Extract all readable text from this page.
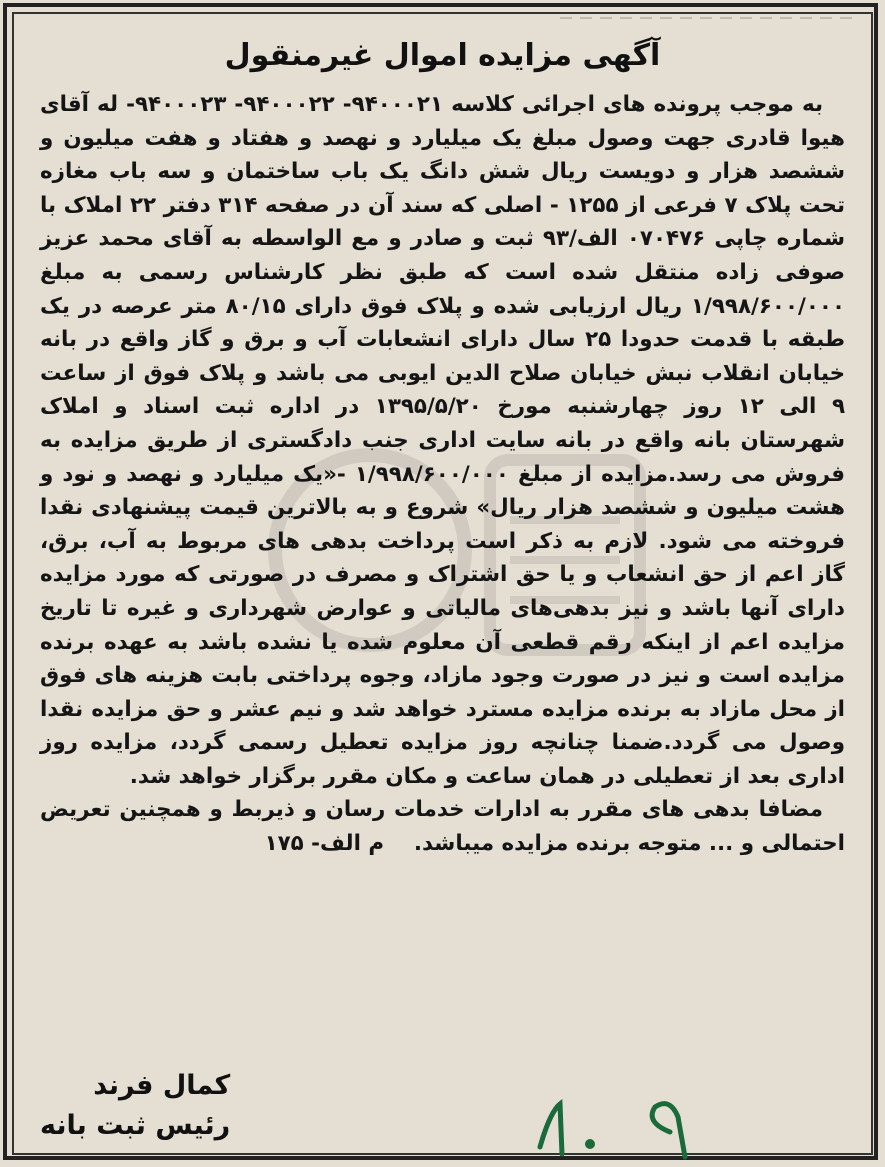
آگهی مزایده اموال غیرمنقول

به موجب پرونده های اجرائی کلاسه ۹۴۰۰۰۲۱- ۹۴۰۰۰۲۲- ۹۴۰۰۰۲۳- له آقای هیوا قادری جهت وصول مبلغ یک میلیارد و نهصد و هفتاد و هفت میلیون و ششصد هزار و دویست ریال شش دانگ یک باب ساختمان و سه باب مغازه تحت پلاک ۷ فرعی از ۱۲۵۵ - اصلی که سند آن در صفحه ۳۱۴ دفتر ۲۲ املاک با شماره چاپی ۰۷۰۴۷۶ الف/۹۳ ثبت و صادر و مع الواسطه به آقای محمد عزیز صوفی زاده منتقل شده است که طبق نظر کارشناس رسمی به مبلغ ۱/۹۹۸/۶۰۰/۰۰۰ ریال ارزیابی شده و پلاک فوق دارای ۸۰/۱۵ متر عرصه در یک طبقه با قدمت حدودا ۲۵ سال دارای انشعابات آب و برق و گاز واقع در بانه خیابان انقلاب نبش خیابان صلاح الدین ایوبی می باشد و پلاک فوق از ساعت ۹ الی ۱۲ روز چهارشنبه مورخ ۱۳۹۵/۵/۲۰ در اداره ثبت اسناد و املاک شهرستان بانه واقع در بانه سایت اداری جنب دادگستری از طریق مزایده به فروش می رسد.مزایده از مبلغ ۱/۹۹۸/۶۰۰/۰۰۰ -«یک میلیارد و نهصد و نود و هشت میلیون و ششصد هزار ریال» شروع و به بالاترین قیمت پیشنهادی نقدا فروخته می شود. لازم به ذکر است پرداخت بدهی های مربوط به آب، برق، گاز اعم از حق انشعاب و یا حق اشتراک و مصرف در صورتی که مورد مزایده دارای آنها باشد و نیز بدهی‌های مالیاتی و عوارض شهرداری و غیره تا تاریخ مزایده اعم از اینکه رقم قطعی آن معلوم شده یا نشده باشد به عهده برنده مزایده است و نیز در صورت وجود مازاد، وجوه پرداختی بابت هزینه های فوق از محل مازاد به برنده مزایده مسترد خواهد شد و نیم عشر و حق مزایده نقدا وصول می گردد.ضمنا چنانچه روز مزایده تعطیل رسمی گردد، مزایده روز اداری بعد از تعطیلی در همان ساعت و مکان مقرر برگزار خواهد شد.

مضافا بدهی های مقرر به ادارات خدمات رسان و ذیربط و همچنین تعریض احتمالی و ... متوجه برنده مزایده میباشد.    م الف- ۱۷۵

کمال فرند
رئیس ثبت بانه
